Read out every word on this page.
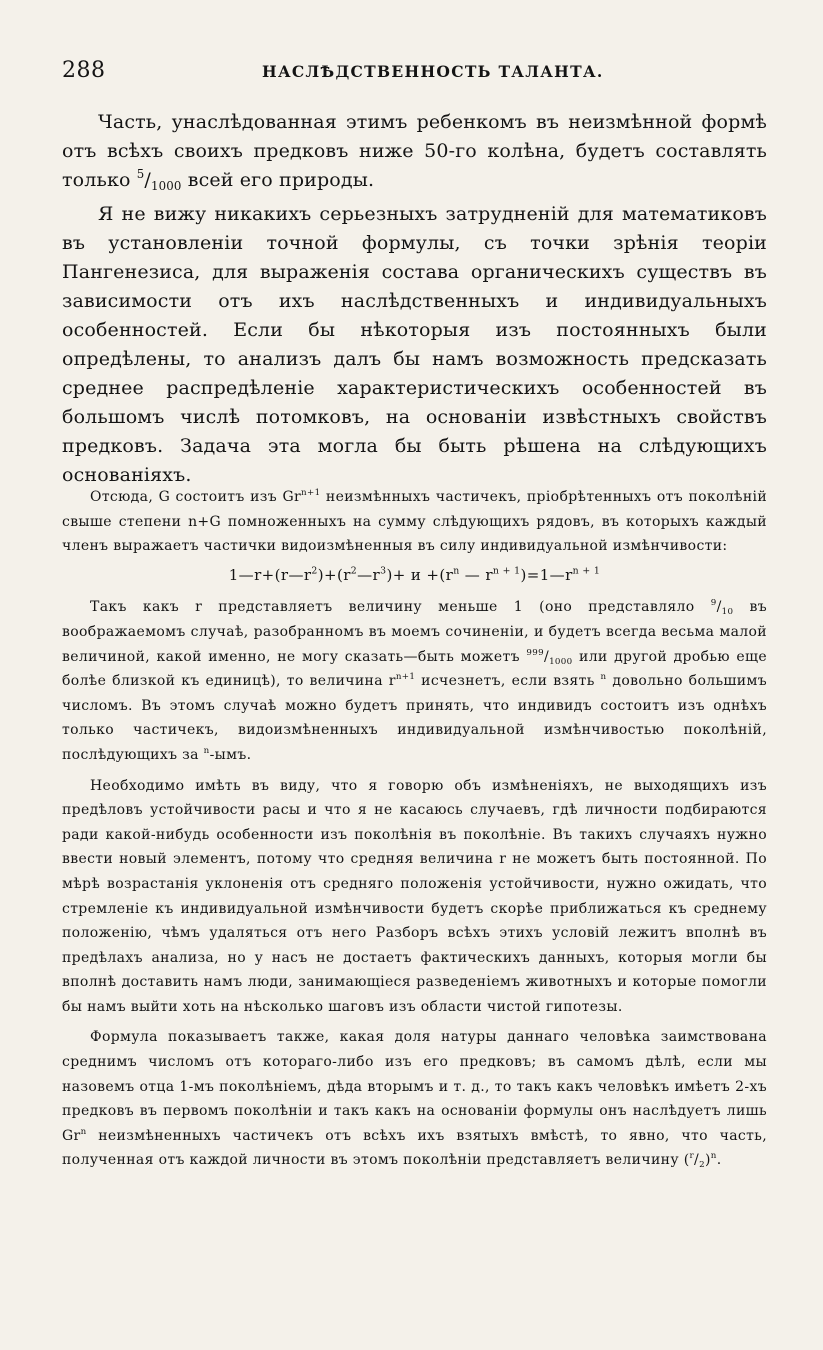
288	НАСЛѢДСТВЕННОСТЬ ТАЛАНТА.

Часть, унаслѣдованная этимъ ребенкомъ въ неизмѣнной формѣ отъ всѣхъ своихъ предковъ ниже 50-го колѣна, будетъ составлять только $^5/_{1000}$ всей его природы.

Я не вижу никакихъ серьезныхъ затрудненій для математиковъ въ установленіи точной формулы, съ точки зрѣнія теоріи Пангенезиса, для выраженія состава органическихъ существъ въ зависимости отъ ихъ наслѣдственныхъ и индивидуальныхъ особенностей. Если бы нѣкоторыя изъ постоянныхъ были опредѣлены, то анализъ далъ бы намъ возможность предсказать среднее распредѣленіе характеристическихъ особенностей въ большомъ числѣ потомковъ, на основаніи извѣстныхъ свойствъ предковъ. Задача эта могла бы быть рѣшена на слѣдующихъ основаніяхъ.

Отсюда, G состоитъ изъ $Gr^{n+1}$ неизмѣнныхъ частичекъ, пріобрѣтенныхъ отъ поколѣній свыше степени n+G помноженныхъ на сумму слѣдующихъ рядовъ, въ которыхъ каждый членъ выражаетъ частички видоизмѣненныя въ силу индивидуальной измѣнчивости:

$1—r+(r—r^2)+(r^2—r^3)+ и +(r^n$ — $r^{n + 1})=1—r^{n + 1}$

Такъ какъ r представляетъ величину меньше 1 (оно представляло $^9/_{10}$ въ воображаемомъ случаѣ, разобранномъ въ моемъ сочиненіи, и будетъ всегда весьма малой величиной, какой именно, не могу сказать—быть можетъ $^{999}/_{1000}$ или другой дробью еще болѣе близкой къ единицѣ), то величина $r^{n+1}$ исчезнетъ, если взять $^n$ довольно большимъ числомъ. Въ этомъ случаѣ можно будетъ принять, что индивидъ состоитъ изъ однѣхъ только частичекъ, видоизмѣненныхъ индивидуальной измѣнчивостью поколѣній, послѣдующихъ за $^n$-ымъ.

Необходимо имѣть въ виду, что я говорю объ измѣненіяхъ, не выходящихъ изъ предѣловъ устойчивости расы и что я не касаюсь случаевъ, гдѣ личности подбираются ради какой-нибудь особенности изъ поколѣнія въ поколѣніе. Въ такихъ случаяхъ нужно ввести новый элементъ, потому что средняя величина r не можетъ быть постоянной. По мѣрѣ возрастанія уклоненія отъ средняго положенія устойчивости, нужно ожидать, что стремленіе къ индивидуальной измѣнчивости будетъ скорѣе приближаться къ среднему положенію, чѣмъ удаляться отъ него Разборъ всѣхъ этихъ условій лежитъ вполнѣ въ предѣлахъ анализа, но у насъ не достаетъ фактическихъ данныхъ, которыя могли бы вполнѣ доставить намъ люди, занимающіеся разведеніемъ животныхъ и которые помогли бы намъ выйти хоть на нѣсколько шаговъ изъ области чистой гипотезы.

Формула показываетъ также, какая доля натуры даннаго человѣка заимствована среднимъ числомъ отъ котораго-либо изъ его предковъ; въ самомъ дѣлѣ, если мы назовемъ отца 1-мъ поколѣніемъ, дѣда вторымъ и т. д., то такъ какъ человѣкъ имѣетъ 2-хъ предковъ въ первомъ поколѣніи и такъ какъ на основаніи формулы онъ наслѣдуетъ лишь Gr$^n$ неизмѣненныхъ частичекъ отъ всѣхъ ихъ взятыхъ вмѣстѣ, то явно, что часть, полученная отъ каждой личности въ этомъ поколѣніи представляетъ величину $(^r/_2)^n$.
